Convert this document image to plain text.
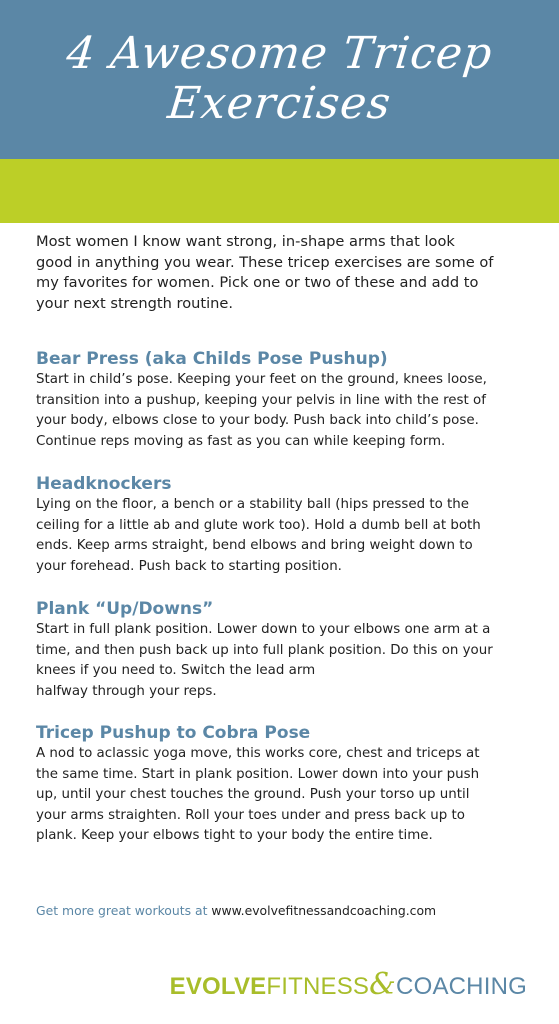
4 Awesome Tricep
Exercises
Most women I know want strong, in-shape arms that look
good in anything you wear. These tricep exercises are some of
my favorites for women. Pick one or two of these and add to
your next strength routine.
Bear Press (aka Childs Pose Pushup)

Start in child’s pose. Keeping your feet on the ground, knees loose,

transition into a pushup, keeping your pelvis in line with the rest of

your body, elbows close to your body. Push back into child’s pose.

Continue reps moving as fast as you can while keeping form.

Headknockers

Lying on the floor, a bench or a stability ball (hips pressed to the

ceiling for a little ab and glute work too). Hold a dumb bell at both

ends. Keep arms straight, bend elbows and bring weight down to

your forehead. Push back to starting position.

Plank “Up/Downs”

Start in full plank position. Lower down to your elbows one arm at a

time, and then push back up into full plank position. Do this on your

knees if you need to. Switch the lead arm

halfway through your reps.

Tricep Pushup to Cobra Pose

A nod to aclassic yoga move, this works core, chest and triceps at

the same time. Start in plank position. Lower down into your push

up, until your chest touches the ground. Push your torso up until

your arms straighten. Roll your toes under and press back up to

plank. Keep your elbows tight to your body the entire time.

Get more great workouts at www.evolvefitnessandcoaching.com
EVOLVEFITNESS&COACHING
